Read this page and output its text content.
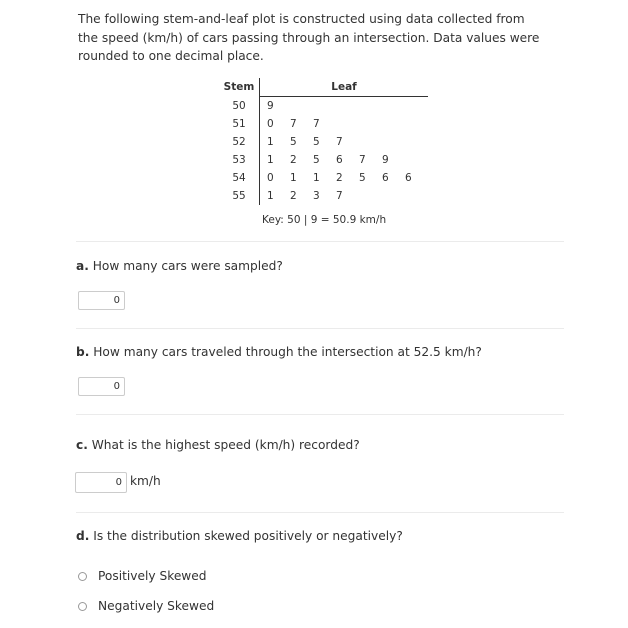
The following stem-and-leaf plot is constructed using data collected from the speed (km/h) of cars passing through an intersection. Data values were rounded to one decimal place.
Stem	Leaf
50	9
51	0 7 7
52	1 5 5 7
53	1 2 5 6 7 9
54	0 1 1 2 5 6 6
55	1 2 3 7
Key: 50 | 9 = 50.9 km/h
a. How many cars were sampled?
0
b. How many cars traveled through the intersection at 52.5 km/h?
0
c. What is the highest speed (km/h) recorded?
0 km/h
d. Is the distribution skewed positively or negatively?
Positively Skewed
Negatively Skewed
